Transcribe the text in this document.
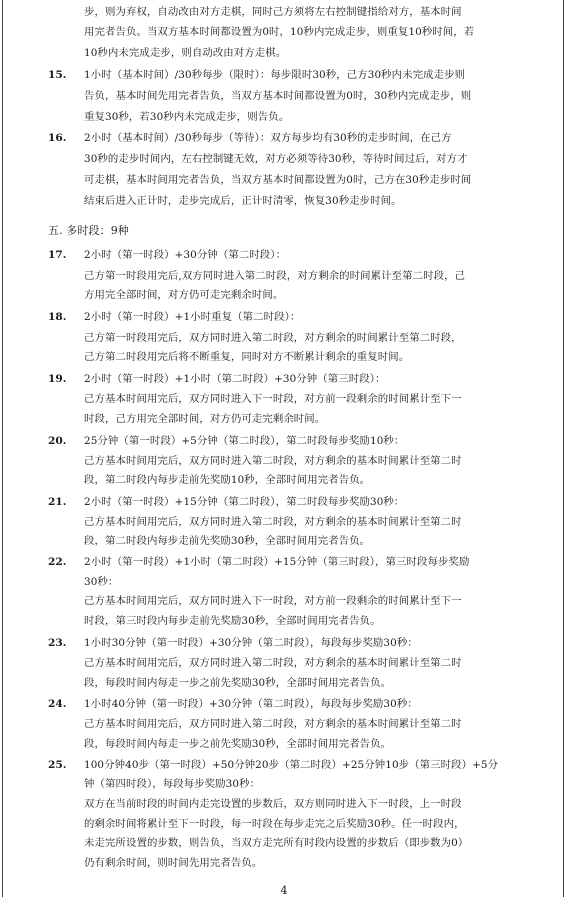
步，则为弃权，自动改由对方走棋，同时己方须将左右控制键指给对方，基本时间
用完者告负。当双方基本时间都设置为0时，10秒内完成走步，则重复10秒时间，若
10秒内未完成走步，则自动改由对方走棋。
15. 1小时（基本时间）/30秒每步（限时）：每步限时30秒，己方30秒内未完成走步则
告负，基本时间先用完者告负，当双方基本时间都设置为0时，30秒内完成走步，则
重复30秒，若30秒内未完成走步，则告负。
16. 2小时（基本时间）/30秒每步（等待）：双方每步均有30秒的走步时间，在己方
30秒的走步时间内，左右控制键无效，对方必须等待30秒，等待时间过后，对方才
可走棋，基本时间用完者告负，当双方基本时间都设置为0时，己方在30秒走步时间
结束后进入正计时，走步完成后，正计时清零，恢复30秒走步时间。
五. 多时段：9种
17. 2小时（第一时段）+30分钟（第二时段）：
己方第一时段用完后,双方同时进入第二时段，对方剩余的时间累计至第二时段，己
方用完全部时间，对方仍可走完剩余时间。
18. 2小时（第一时段）+1小时重复（第二时段）：
己方第一时段用完后，双方同时进入第二时段，对方剩余的时间累计至第二时段，
己方第二时段用完后将不断重复，同时对方不断累计剩余的重复时间。
19. 2小时（第一时段）+1小时（第二时段）+30分钟（第三时段）：
己方基本时间用完后，双方同时进入下一时段，对方前一段剩余的时间累计至下一
时段，己方用完全部时间，对方仍可走完剩余时间。
20. 25分钟（第一时段）+5分钟（第二时段），第二时段每步奖励10秒：
己方基本时间用完后，双方同时进入第二时段，对方剩余的基本时间累计至第二时
段，第二时段内每步走前先奖励10秒，全部时间用完者告负。
21. 2小时（第一时段）+15分钟（第二时段），第二时段每步奖励30秒：
己方基本时间用完后，双方同时进入第二时段，对方剩余的基本时间累计至第二时
段，第二时段内每步走前先奖励30秒，全部时间用完者告负。
22. 2小时（第一时段）+1小时（第二时段）+15分钟（第三时段），第三时段每步奖励
30秒：
己方基本时间用完后，双方同时进入下一时段，对方前一段剩余的时间累计至下一
时段，第三时段内每步走前先奖励30秒，全部时间用完者告负。
23. 1小时30分钟（第一时段）+30分钟（第二时段），每段每步奖励30秒：
己方基本时间用完后，双方同时进入第二时段，对方剩余的基本时间累计至第二时
段，每段时间内每走一步之前先奖励30秒，全部时间用完者告负。
24. 1小时40分钟（第一时段）+30分钟（第二时段），每段每步奖励30秒：
己方基本时间用完后，双方同时进入第二时段，对方剩余的基本时间累计至第二时
段，每段时间内每走一步之前先奖励30秒，全部时间用完者告负。
25. 100分钟40步（第一时段）+50分钟20步（第二时段）+25分钟10步（第三时段）+5分
钟（第四时段），每段每步奖励30秒：
双方在当前时段的时间内走完设置的步数后，双方则同时进入下一时段，上一时段
的剩余时间将累计至下一时段，每一时段在每步走完之后奖励30秒。任一时段内，
未走完所设置的步数，则告负，当双方走完所有时段内设置的步数后（即步数为0）
仍有剩余时间，则时间先用完者告负。
4
